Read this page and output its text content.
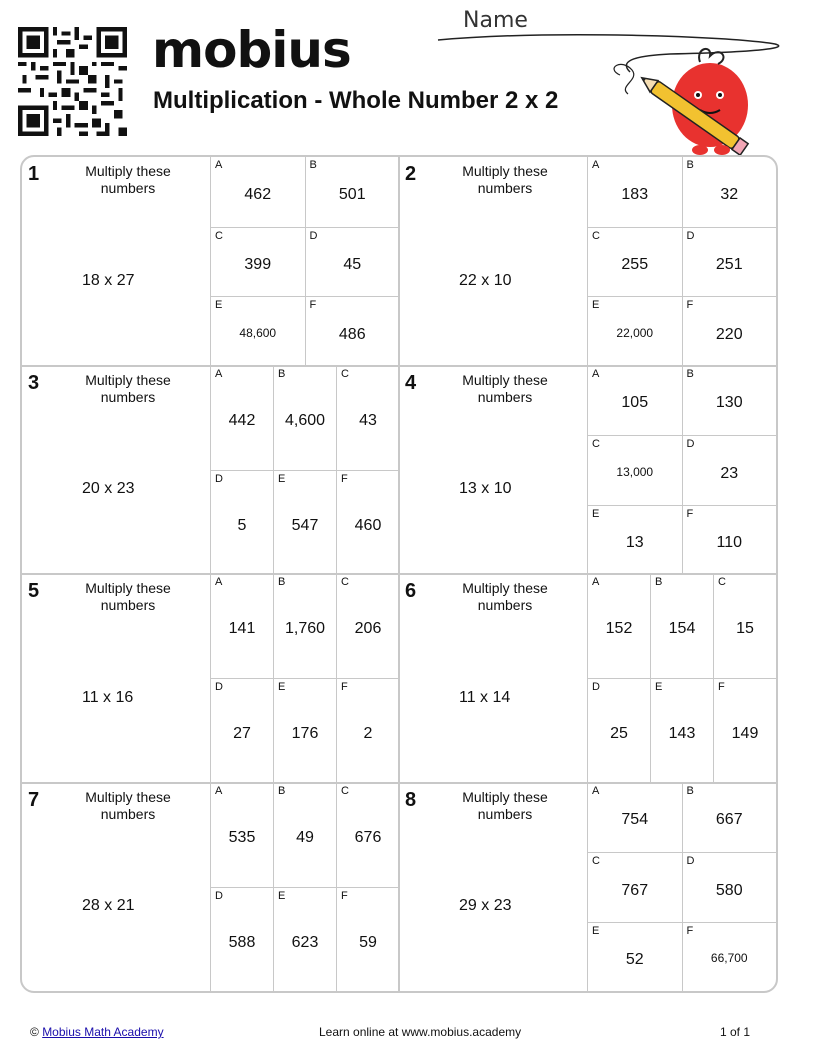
mobius
Multiplication - Whole Number 2 x 2
Name
1	Multiply these numbers
18 x 27
A
462
B
501
C
399
D
45
E
48,600
F
486
2	Multiply these numbers
22 x 10
A
183
B
32
C
255
D
251
E
22,000
F
220
3	Multiply these numbers
20 x 23
A
442
B
4,600
C
43
D
5
E
547
F
460
4	Multiply these numbers
13 x 10
A
105
B
130
C
13,000
D
23
E
13
F
110
5	Multiply these numbers
11 x 16
A
141
B
1,760
C
206
D
27
E
176
F
2
6	Multiply these numbers
11 x 14
A
152
B
154
C
15
D
25
E
143
F
149
7	Multiply these numbers
28 x 21
A
535
B
49
C
676
D
588
E
623
F
59
8	Multiply these numbers
29 x 23
A
754
B
667
C
767
D
580
E
52
F
66,700
© Mobius Math Academy	Learn online at www.mobius.academy	1 of 1
